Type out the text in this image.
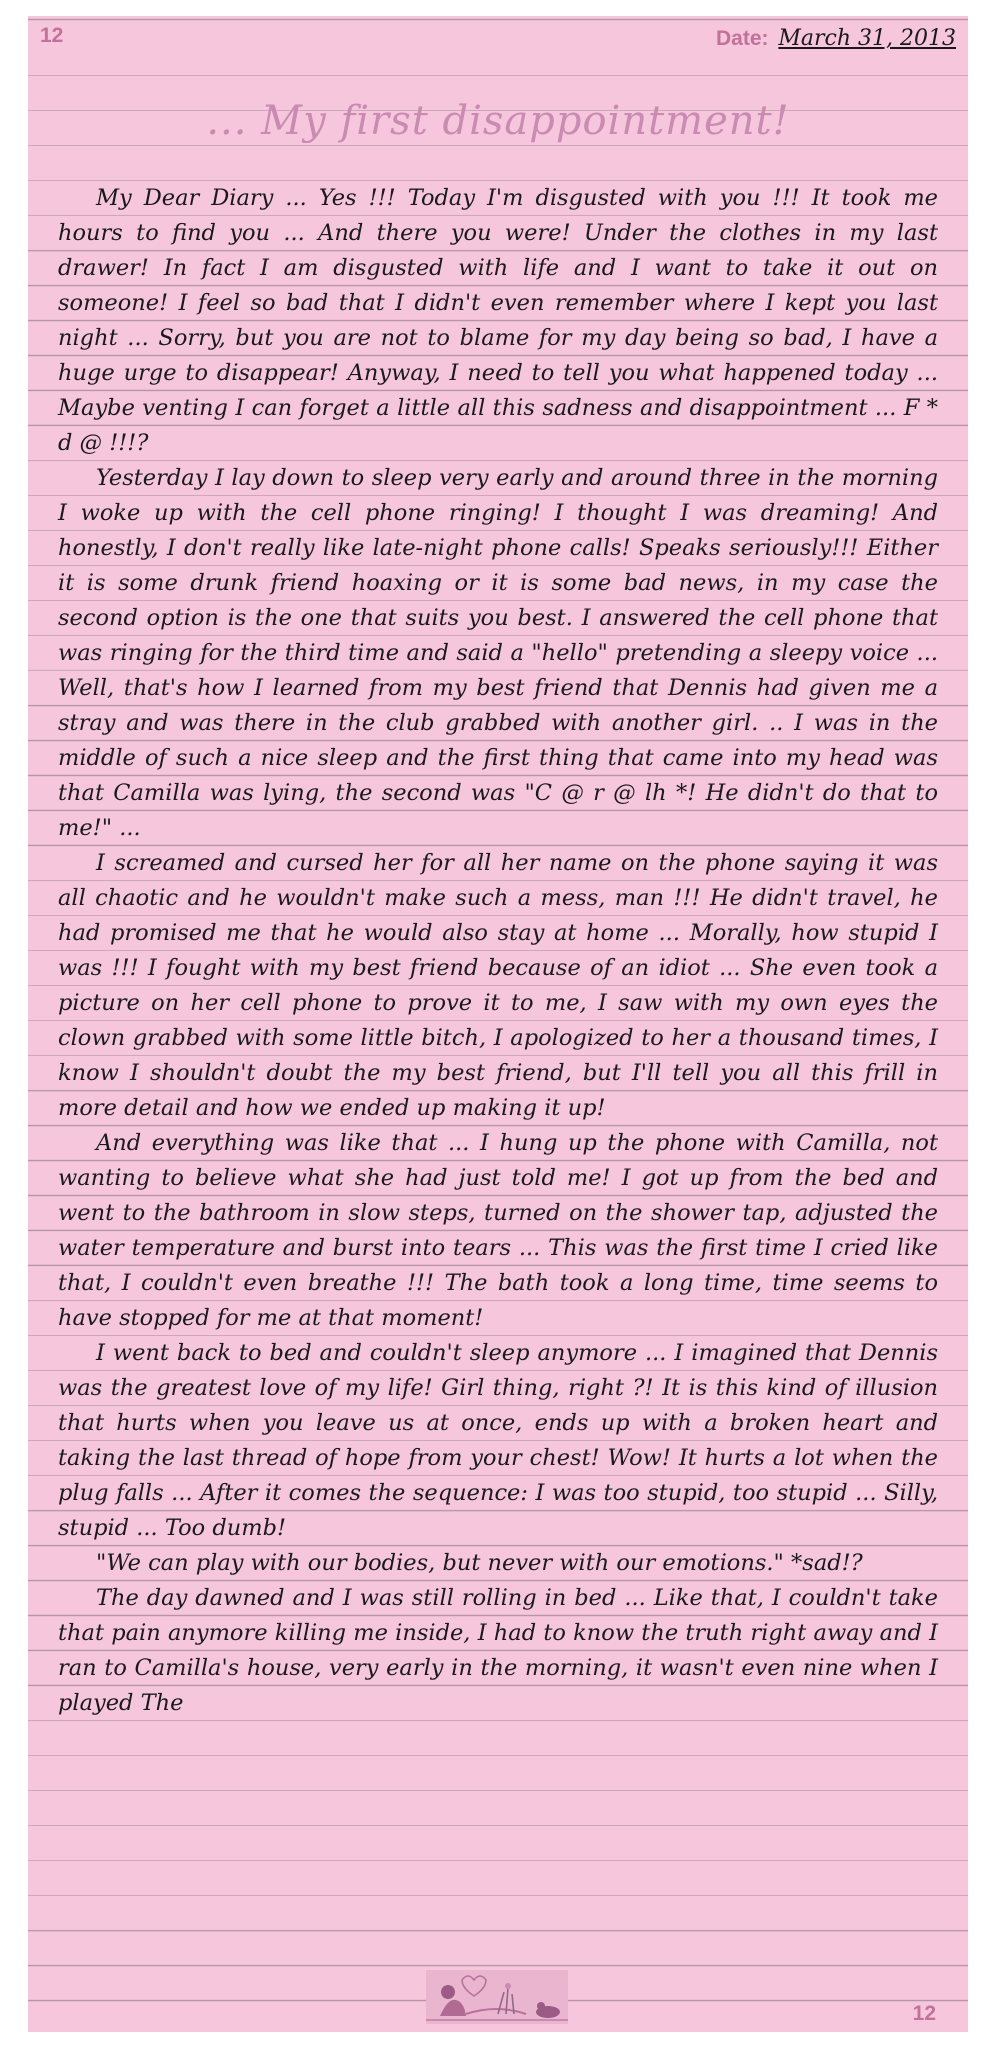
12	Date: March 31, 2013
... My first disappointment!

My Dear Diary ... Yes !!! Today I'm disgusted with you !!! It took me hours to find you ... And there you were! Under the clothes in my last drawer! In fact I am disgusted with life and I want to take it out on someone! I feel so bad that I didn't even remember where I kept you last night ... Sorry, but you are not to blame for my day being so bad, I have a huge urge to disappear! Anyway, I need to tell you what happened today ... Maybe venting I can forget a little all this sadness and disappointment ... F * d @ !!!?

Yesterday I lay down to sleep very early and around three in the morning I woke up with the cell phone ringing! I thought I was dreaming! And honestly, I don't really like late-night phone calls! Speaks seriously!!! Either it is some drunk friend hoaxing or it is some bad news, in my case the second option is the one that suits you best. I answered the cell phone that was ringing for the third time and said a "hello" pretending a sleepy voice ... Well, that's how I learned from my best friend that Dennis had given me a stray and was there in the club grabbed with another girl. .. I was in the middle of such a nice sleep and the first thing that came into my head was that Camilla was lying, the second was "C @ r @ lh *! He didn't do that to me!" ...

I screamed and cursed her for all her name on the phone saying it was all chaotic and he wouldn't make such a mess, man !!! He didn't travel, he had promised me that he would also stay at home ... Morally, how stupid I was !!! I fought with my best friend because of an idiot ... She even took a picture on her cell phone to prove it to me, I saw with my own eyes the clown grabbed with some little bitch, I apologized to her a thousand times, I know I shouldn't doubt the my best friend, but I'll tell you all this frill in more detail and how we ended up making it up!

And everything was like that ... I hung up the phone with Camilla, not wanting to believe what she had just told me! I got up from the bed and went to the bathroom in slow steps, turned on the shower tap, adjusted the water temperature and burst into tears ... This was the first time I cried like that, I couldn't even breathe !!! The bath took a long time, time seems to have stopped for me at that moment!

I went back to bed and couldn't sleep anymore ... I imagined that Dennis was the greatest love of my life! Girl thing, right ?! It is this kind of illusion that hurts when you leave us at once, ends up with a broken heart and taking the last thread of hope from your chest! Wow! It hurts a lot when the plug falls ... After it comes the sequence: I was too stupid, too stupid ... Silly, stupid ... Too dumb!

"We can play with our bodies, but never with our emotions." *sad!?

The day dawned and I was still rolling in bed ... Like that, I couldn't take that pain anymore killing me inside, I had to know the truth right away and I ran to Camilla's house, very early in the morning, it wasn't even nine when I played The

12
